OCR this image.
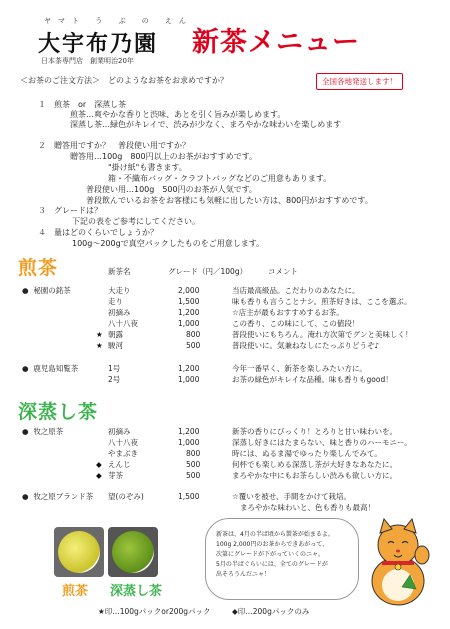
ヤマト う ぶ の えん
大宇布乃園
日本茶専門店　創業明治20年
新茶メニュー
全国各地発送します！
＜お茶のご注文方法＞　どのようなお茶をお求めですか？
１　煎茶　or　深蒸し茶
煎茶…爽やかな香りと渋味、あとを引く旨みが楽しめます。
深蒸し茶…緑色がキレイで、渋みが少なく、まろやかな味わいを楽しめます
２　贈答用ですか？　普段使い用ですか？
贈答用…100g　800円以上のお茶がおすすめです。
"掛け紙"も書きます。
箱・不織布バッグ・クラフトバッグなどのご用意もあります。
普段使い用…100g　500円のお茶が人気です。
普段飲んでいるお茶をお客様にも気軽に出したい方は、800円がおすすめです。
３　グレードは？
下記の表をご参考にしてください。
４　量はどのくらいでしょうか？
100g～200gで真空パックしたものをご用意します。
煎茶	新茶名	グレード（円／100g）	コメント
●  秘園の銘茶	大走り	2,000	当店最高級品。こだわりのあなたに。
走り	1,500	味も香りも言うことナシ。煎茶好きは、ここを選ぶ。
初摘み	1,200	☆店主が最もおすすめするお茶。
八十八夜	1,000	この香り、この味にして、この値段！
★ 朝露	800	普段使いにもちろん。淹れ方次第でグンと美味しく！
★ 駿河	500	普段使いに。気兼ねなしにたっぷりどうぞ♪
●  鹿児島知覧茶	1号	1,200	今年一番早く、新茶を楽しみたい方に。
2号	1,000	お茶の緑色がキレイな品種。味も香りもgood！
深蒸し茶
●  牧之原茶	初摘み	1,200	新茶の香りにびっくり！とろりと甘い味わいを。
八十八夜	1,000	深蒸し好きにはたまらない、味と香りのハーモニー。
やまぶき	800	時には、ぬるま湯でゆったり楽しんでみて。
◆ えんじ	500	何杯でも楽しめる深蒸し茶が大好きなあなたに。
◆ 芽茶	500	まろやかな中にもお茶らしい渋みも欲しい方に。
●  牧之原ブランド茶 望(のぞみ)	1,500	☆覆いを被せ、手間をかけて栽培。
まろやかな味わいと、色も香りも最高！
煎茶 深蒸し茶
新茶は、4月の半ば頃から製茶が始まるよ。
100g 2,000円のお茶からできあがって、
次第にグレードが下がっていくのニャ。
5月の半ばぐらいには、全てのグレードが
出そろうんだニャ！
★印…100gパックor200gパック	◆印…200gパックのみ
